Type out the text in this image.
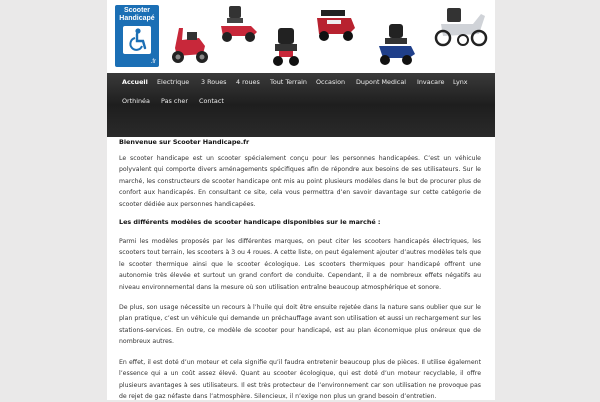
Scooter
Handicapé
.fr
Accueil Electrique 3 Roues 4 roues Tout Terrain Occasion Dupont Medical Invacare Lynx
Orthinéa Pas cher Contact
Bienvenue sur Scooter Handicape.fr

Le scooter handicape est un scooter spécialement conçu pour les personnes handicapées. C’est un véhicule polyvalent qui comporte divers aménagements spécifiques afin de répondre aux besoins de ses utilisateurs. Sur le marché, les constructeurs de scooter handicape ont mis au point plusieurs modèles dans le but de procurer plus de confort aux handicapés. En consultant ce site, cela vous permettra d’en savoir davantage sur cette catégorie de scooter dédiée aux personnes handicapées.

Les différents modèles de scooter handicape disponibles sur le marché :

Parmi les modèles proposés par les différentes marques, on peut citer les scooters handicapés électriques, les scooters tout terrain, les scooters à 3 ou 4 roues. A cette liste, on peut également ajouter d’autres modèles tels que le scooter thermique ainsi que le scooter écologique. Les scooters thermiques pour handicapé offrent une autonomie très élevée et surtout un grand confort de conduite. Cependant, il a de nombreux effets négatifs au niveau environnemental dans la mesure où son utilisation entraîne beaucoup atmosphérique et sonore.

De plus, son usage nécessite un recours à l’huile qui doit être ensuite rejetée dans la nature sans oublier que sur le plan pratique, c’est un véhicule qui demande un préchauffage avant son utilisation et aussi un rechargement sur les stations-services. En outre, ce modèle de scooter pour handicapé, est au plan économique plus onéreux que de nombreux autres.

En effet, il est doté d’un moteur et cela signifie qu’il faudra entretenir beaucoup plus de pièces. Il utilise également l’essence qui a un coût assez élevé. Quant au scooter écologique, qui est doté d’un moteur recyclable, il offre plusieurs avantages à ses utilisateurs. Il est très protecteur de l’environnement car son utilisation ne provoque pas de rejet de gaz néfaste dans l’atmosphère. Silencieux, il n’exige non plus un grand besoin d’entretien.
